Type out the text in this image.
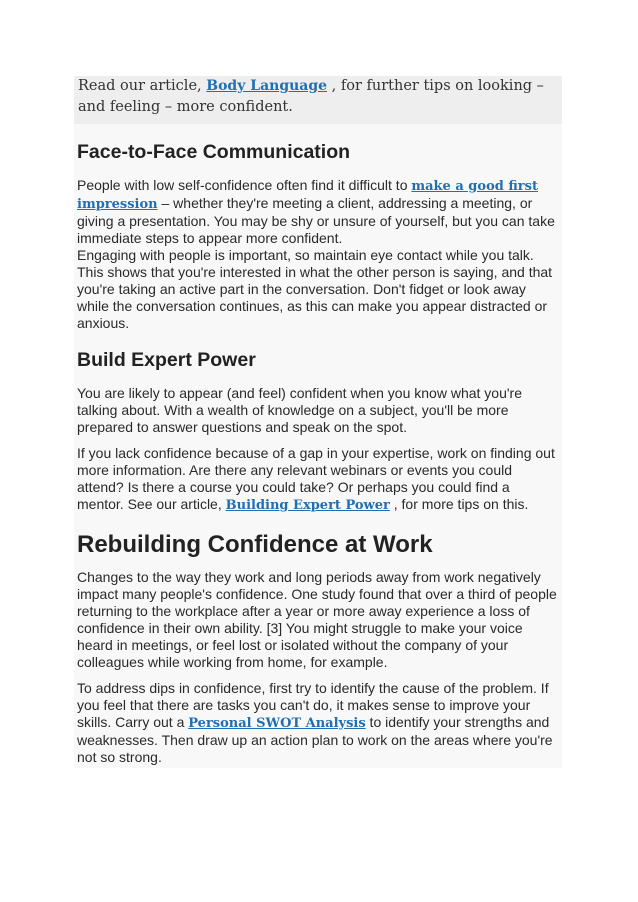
Read our article, Body Language , for further tips on looking – and feeling – more confident.
Face-to-Face Communication

People with low self-confidence often find it difficult to make a good first impression – whether they're meeting a client, addressing a meeting, or giving a presentation. You may be shy or unsure of yourself, but you can take immediate steps to appear more confident.

Engaging with people is important, so maintain eye contact while you talk. This shows that you're interested in what the other person is saying, and that you're taking an active part in the conversation. Don't fidget or look away while the conversation continues, as this can make you appear distracted or anxious.

Build Expert Power

You are likely to appear (and feel) confident when you know what you're talking about. With a wealth of knowledge on a subject, you'll be more prepared to answer questions and speak on the spot.

If you lack confidence because of a gap in your expertise, work on finding out more information. Are there any relevant webinars or events you could attend? Is there a course you could take? Or perhaps you could find a mentor. See our article, Building Expert Power , for more tips on this.

Rebuilding Confidence at Work

Changes to the way they work and long periods away from work negatively impact many people's confidence. One study found that over a third of people returning to the workplace after a year or more away experience a loss of confidence in their own ability. [3] You might struggle to make your voice heard in meetings, or feel lost or isolated without the company of your colleagues while working from home, for example.

To address dips in confidence, first try to identify the cause of the problem. If you feel that there are tasks you can't do, it makes sense to improve your skills. Carry out a Personal SWOT Analysis to identify your strengths and weaknesses. Then draw up an action plan to work on the areas where you're not so strong.
